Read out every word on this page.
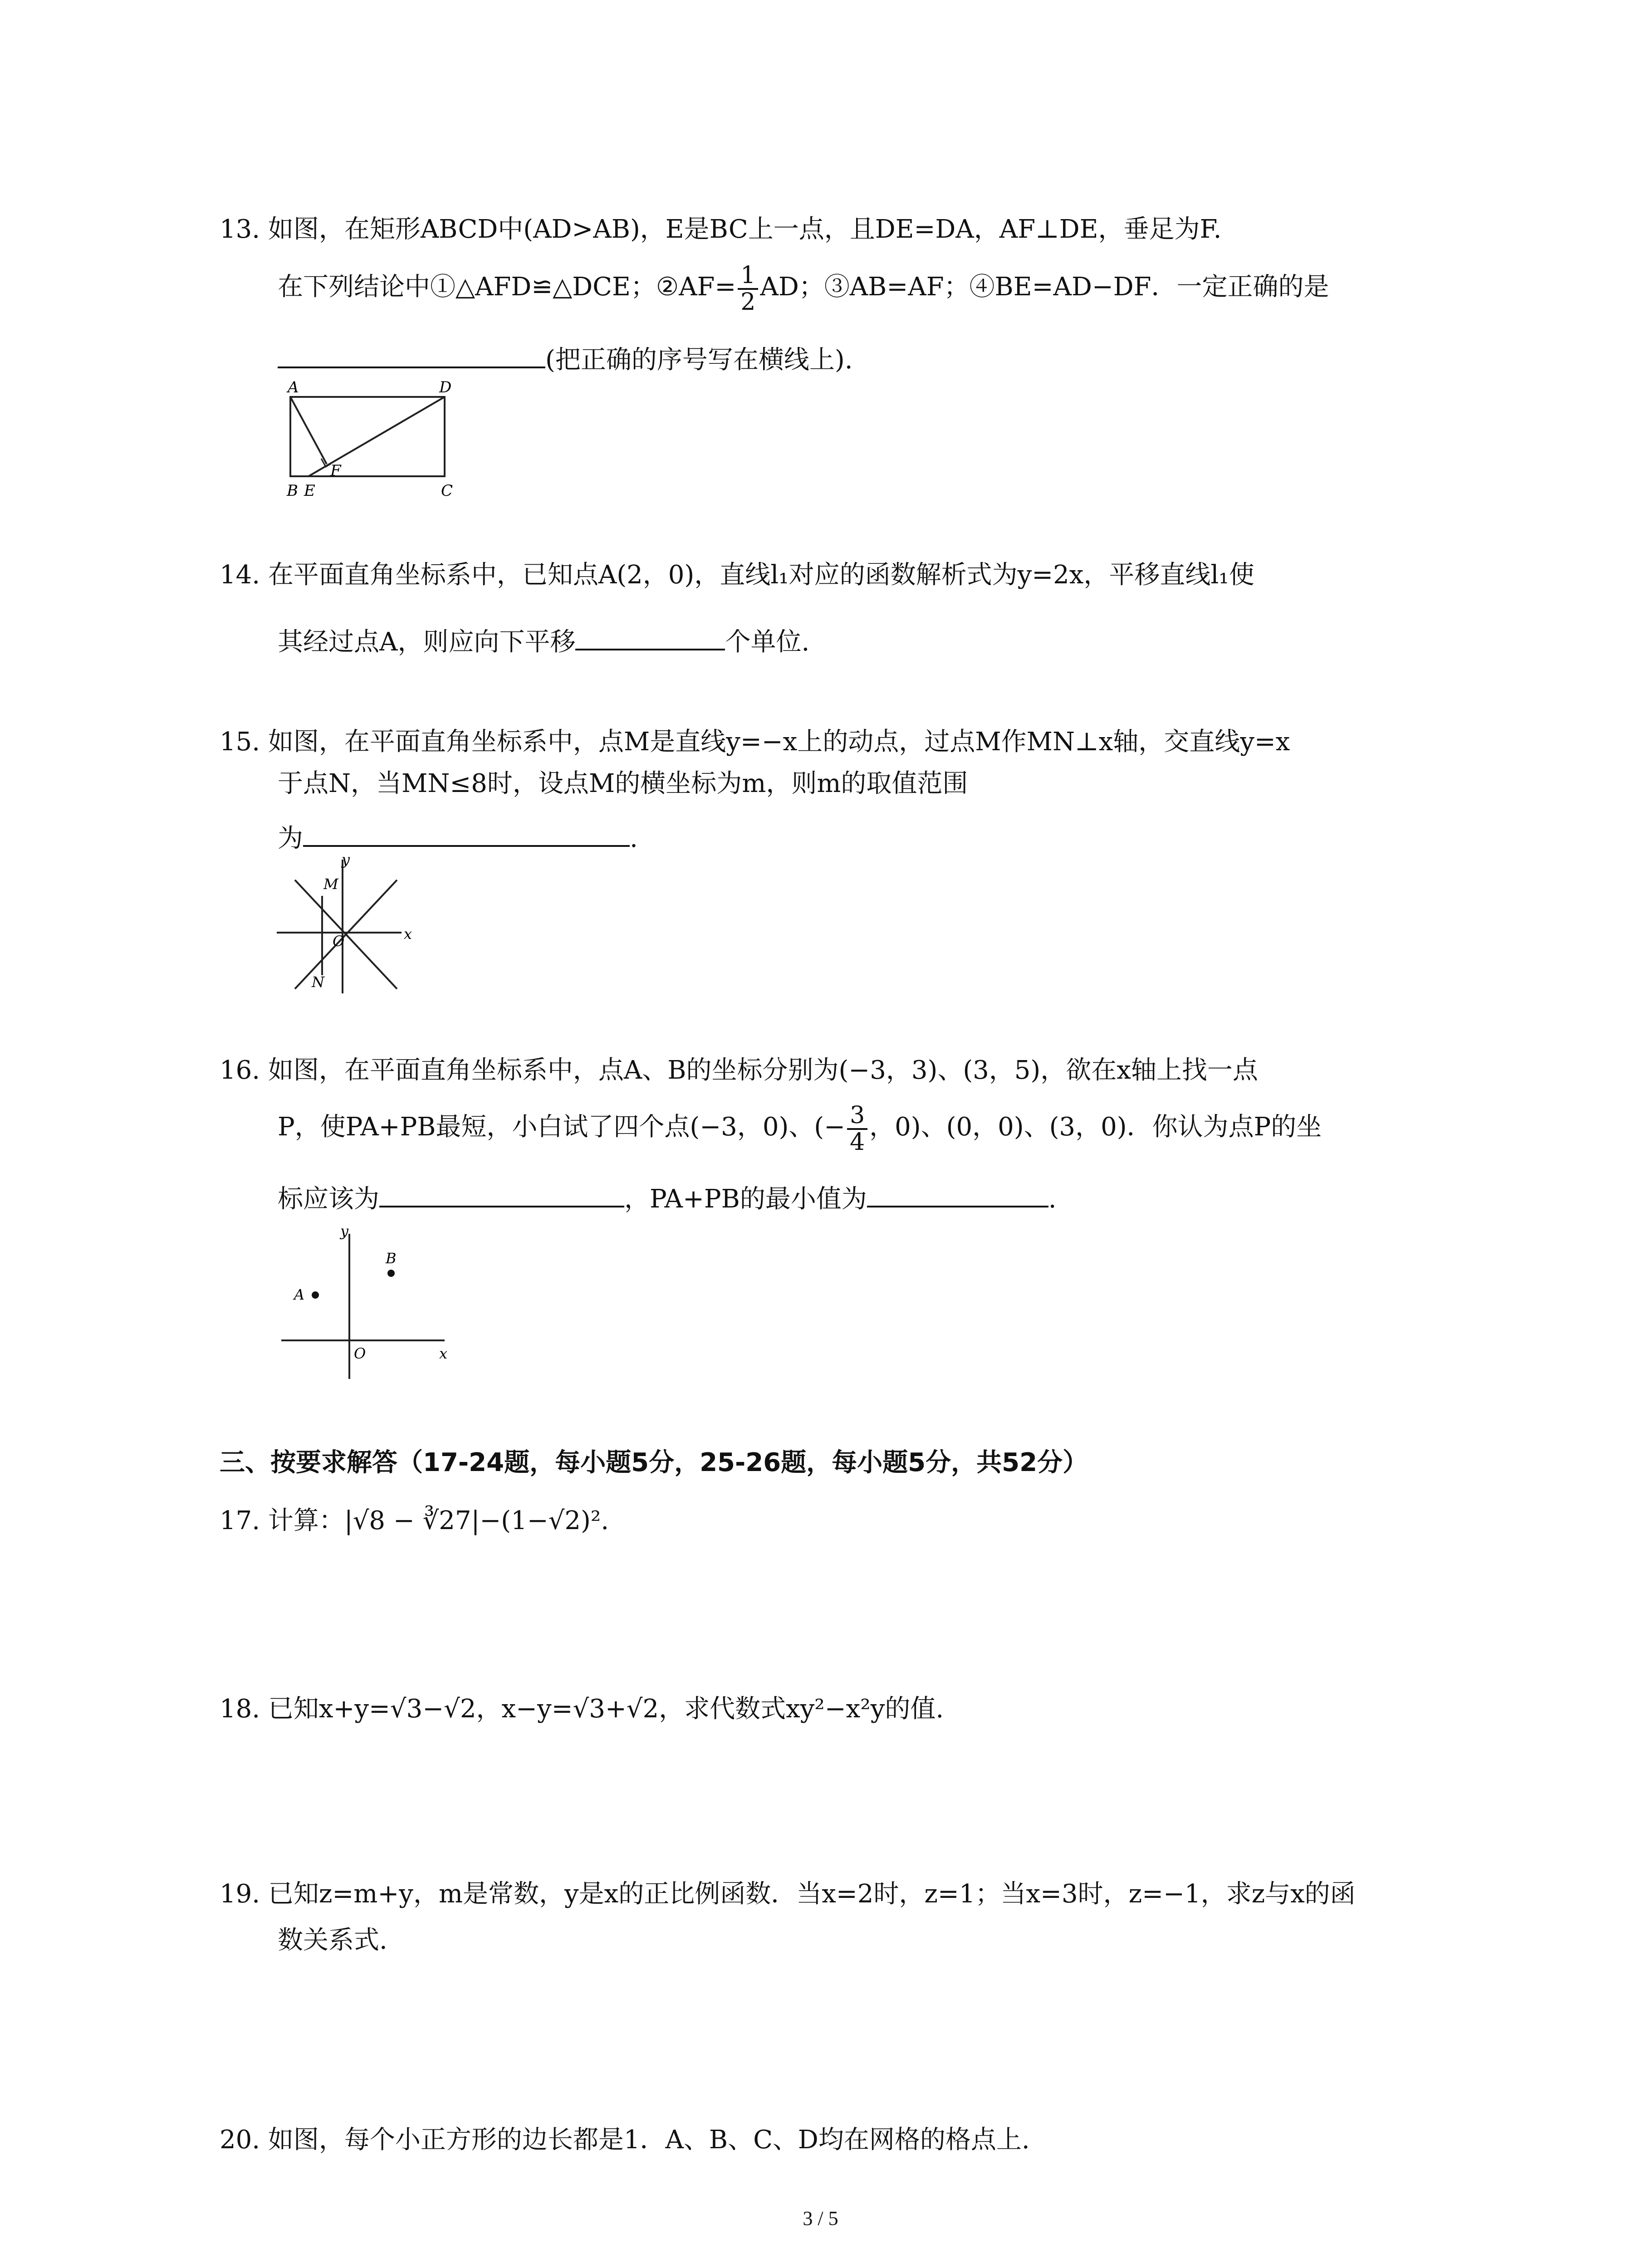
13. 如图，在矩形ABCD中(AD>AB)，E是BC上一点，且DE=DA，AF⊥DE，垂足为F.
在下列结论中①△AFD≌△DCE；②AF= $\frac{1}{2}$ AD；③AB=AF；④BE=AD−DF．一定正确的是
(把正确的序号写在横线上).
A	D
F
B E	C
14. 在平面直角坐标系中，已知点A(2，0)，直线l₁对应的函数解析式为y=2x，平移直线l₁使
其经过点A，则应向下平移	个单位.
15. 如图，在平面直角坐标系中，点M是直线y=−x上的动点，过点M作MN⊥x轴，交直线y=x
于点N，当MN≤8时，设点M的横坐标为m，则m的取值范围
为	.
y
M
O	x
N
16. 如图，在平面直角坐标系中，点A、B的坐标分别为(−3，3)、(3，5)，欲在x轴上找一点
P，使PA+PB最短，小白试了四个点(−3，0)、(− $\frac{3}{4}$ ，0)、(0，0)、(3，0)．你认为点P的坐
标应该为	，PA+PB的最小值为	.
y
B
A
O	x
三、按要求解答（17-24题，每小题5分，25-26题，每小题5分，共52分）
17. 计算：|√8 − ∛27|−(1−√2)².
18. 已知x+y=√3−√2，x−y=√3+√2，求代数式xy²−x²y的值.
19. 已知z=m+y，m是常数，y是x的正比例函数．当x=2时，z=1；当x=3时，z=−1，求z与x的函
数关系式.
20. 如图，每个小正方形的边长都是1．A、B、C、D均在网格的格点上.
3 / 5
